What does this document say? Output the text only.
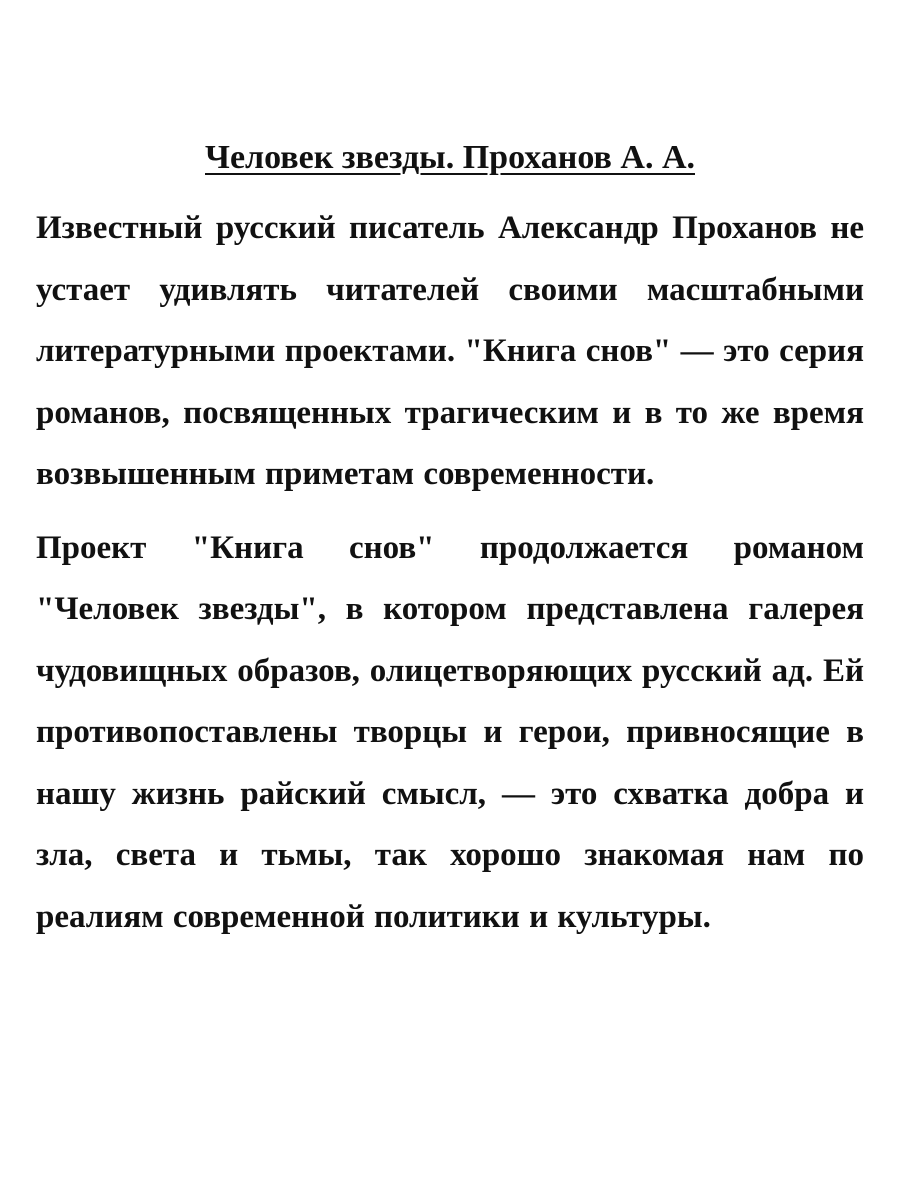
Человек звезды. Проханов А. А.

Известный русский писатель Александр Проханов не устает удивлять читателей своими масштабными литературными проектами. "Книга снов" — это серия романов, посвященных трагическим и в то же время возвышенным приметам современности.

Проект "Книга снов" продолжается романом "Человек звезды", в котором представлена галерея чудовищных образов, олицетворяющих русский ад. Ей противопоставлены творцы и герои, привносящие в нашу жизнь райский смысл, — это схватка добра и зла, света и тьмы, так хорошо знакомая нам по реалиям современной политики и культуры.
